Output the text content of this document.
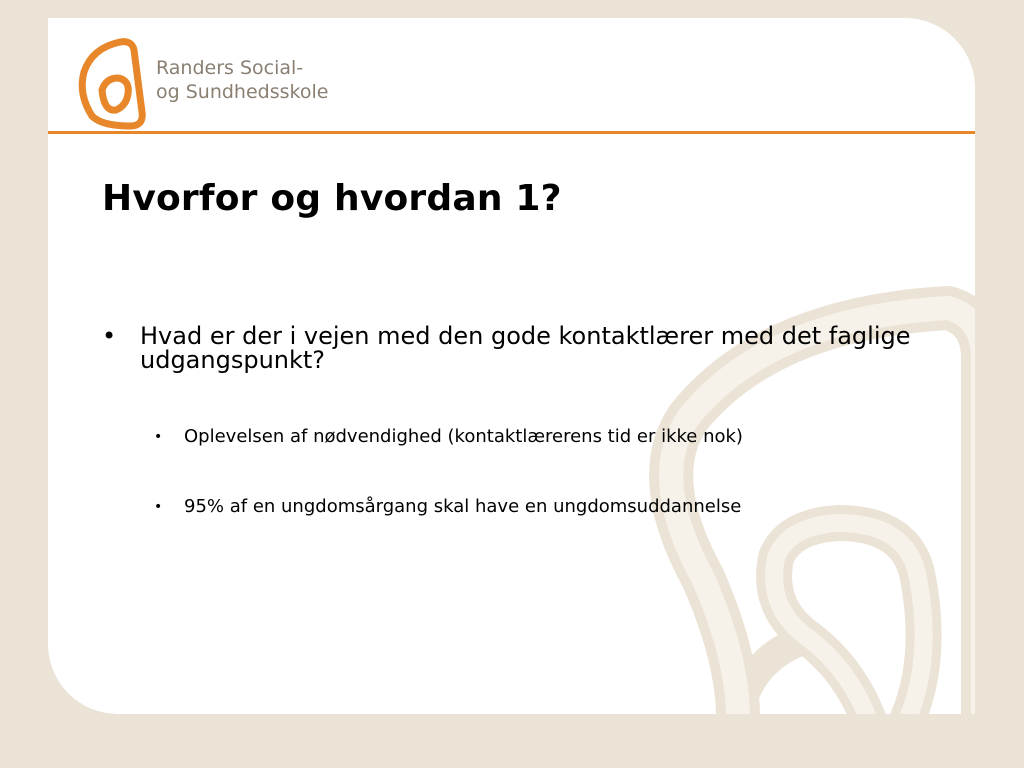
Randers Social-
og Sundhedsskole
Hvorfor og hvordan 1?
• Hvad er der i vejen med den gode kontaktlærer med det faglige udgangspunkt?
• Oplevelsen af nødvendighed (kontaktlærerens tid er ikke nok)
• 95% af en ungdomsårgang skal have en ungdomsuddannelse
